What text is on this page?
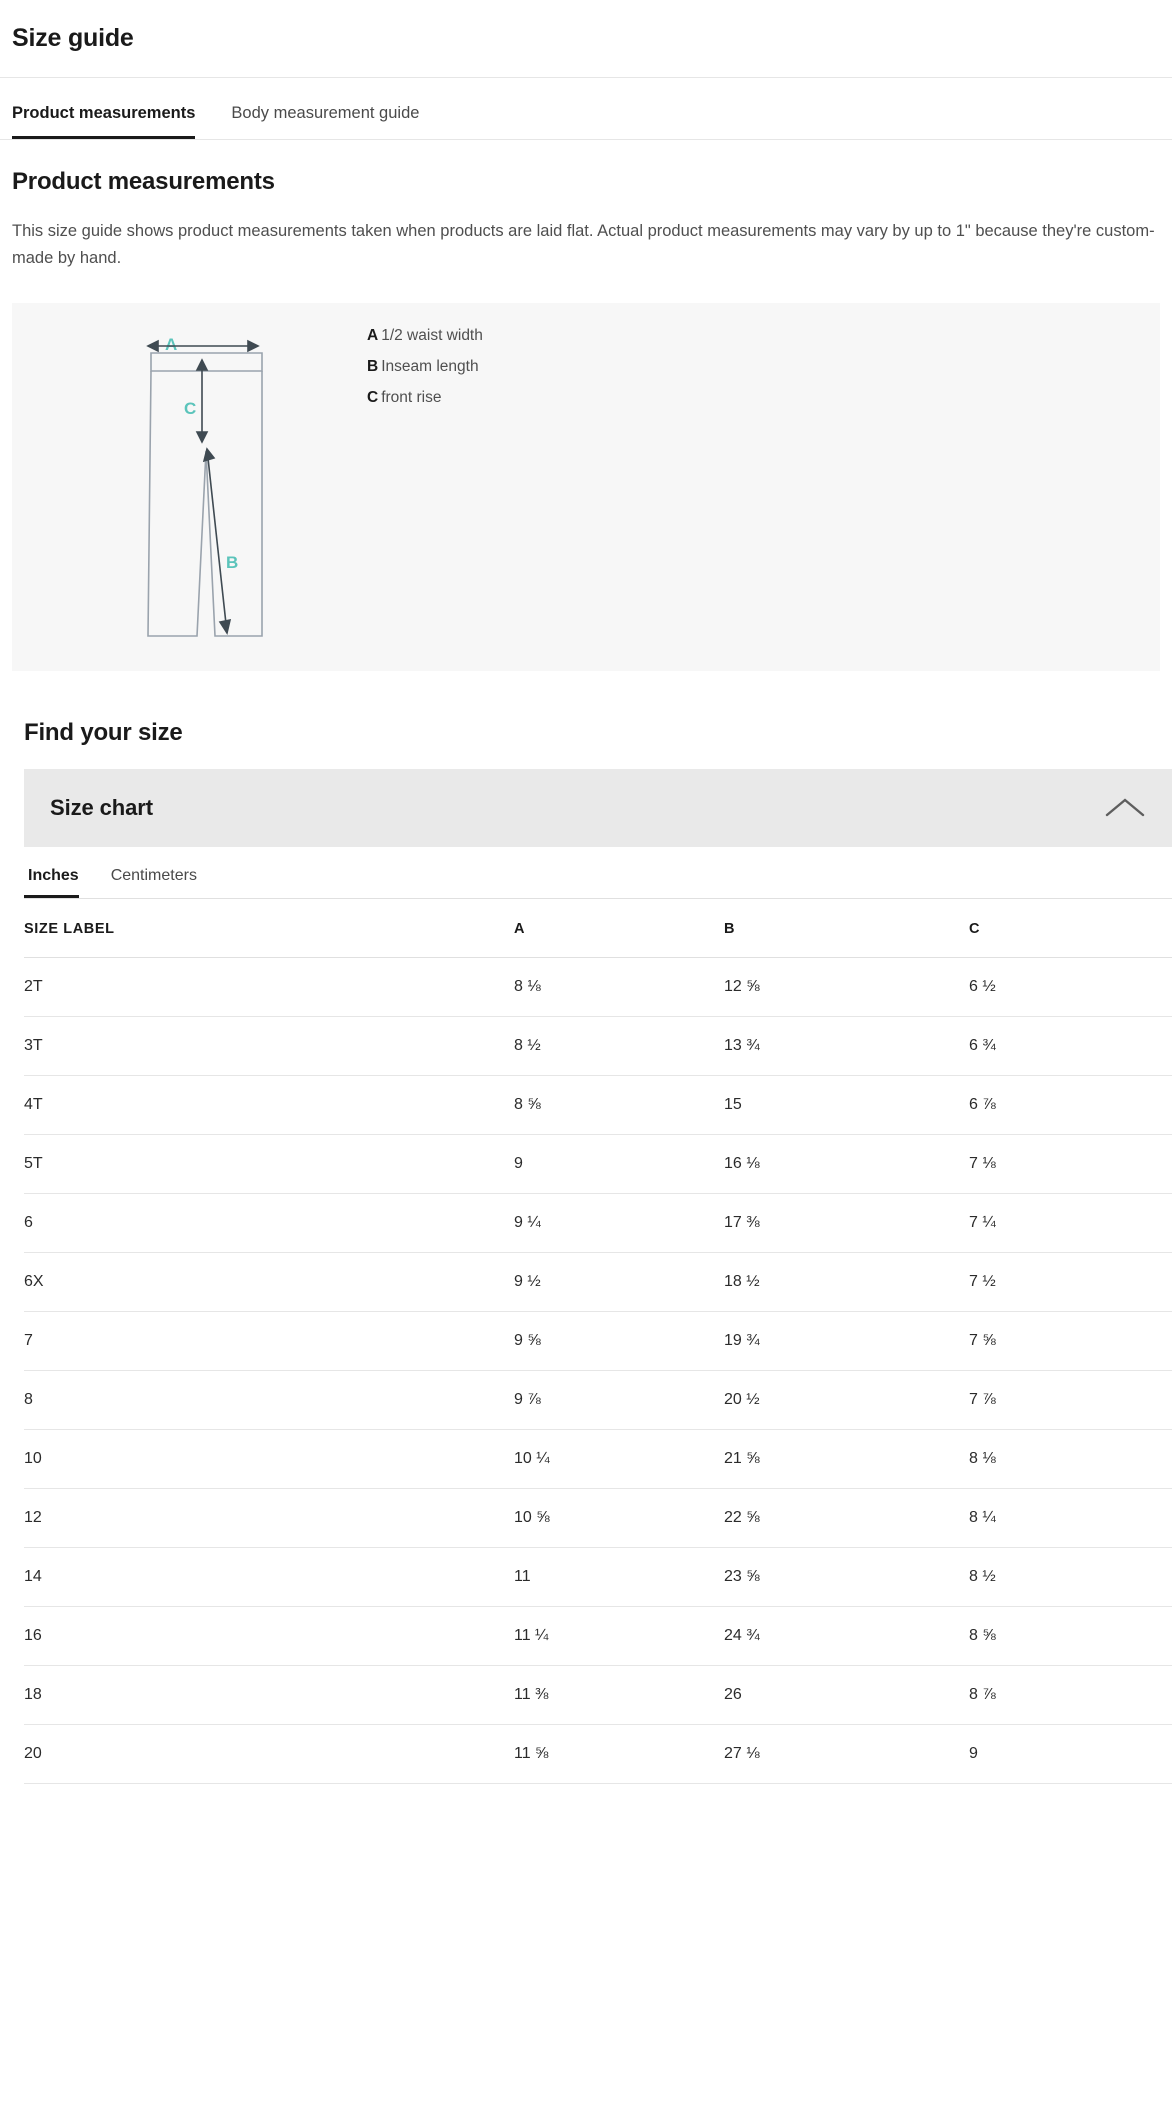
Size guide
Product measurements	Body measurement guide
Product measurements

This size guide shows product measurements taken when products are laid flat. Actual product measurements may vary by up to 1" because they're custom-made by hand.

A
C
B
A 1/2 waist width
B Inseam length
C front rise
Find your size
Size chart
Inches	Centimeters
SIZE LABEL	A	B	C
2T	8 ⅛	12 ⅝	6 ½
3T	8 ½	13 ¾	6 ¾
4T	8 ⅝	15	6 ⅞
5T	9	16 ⅛	7 ⅛
6	9 ¼	17 ⅜	7 ¼
6X	9 ½	18 ½	7 ½
7	9 ⅝	19 ¾	7 ⅝
8	9 ⅞	20 ½	7 ⅞
10	10 ¼	21 ⅝	8 ⅛
12	10 ⅝	22 ⅝	8 ¼
14	11	23 ⅝	8 ½
16	11 ¼	24 ¾	8 ⅝
18	11 ⅜	26	8 ⅞
20	11 ⅝	27 ⅛	9
